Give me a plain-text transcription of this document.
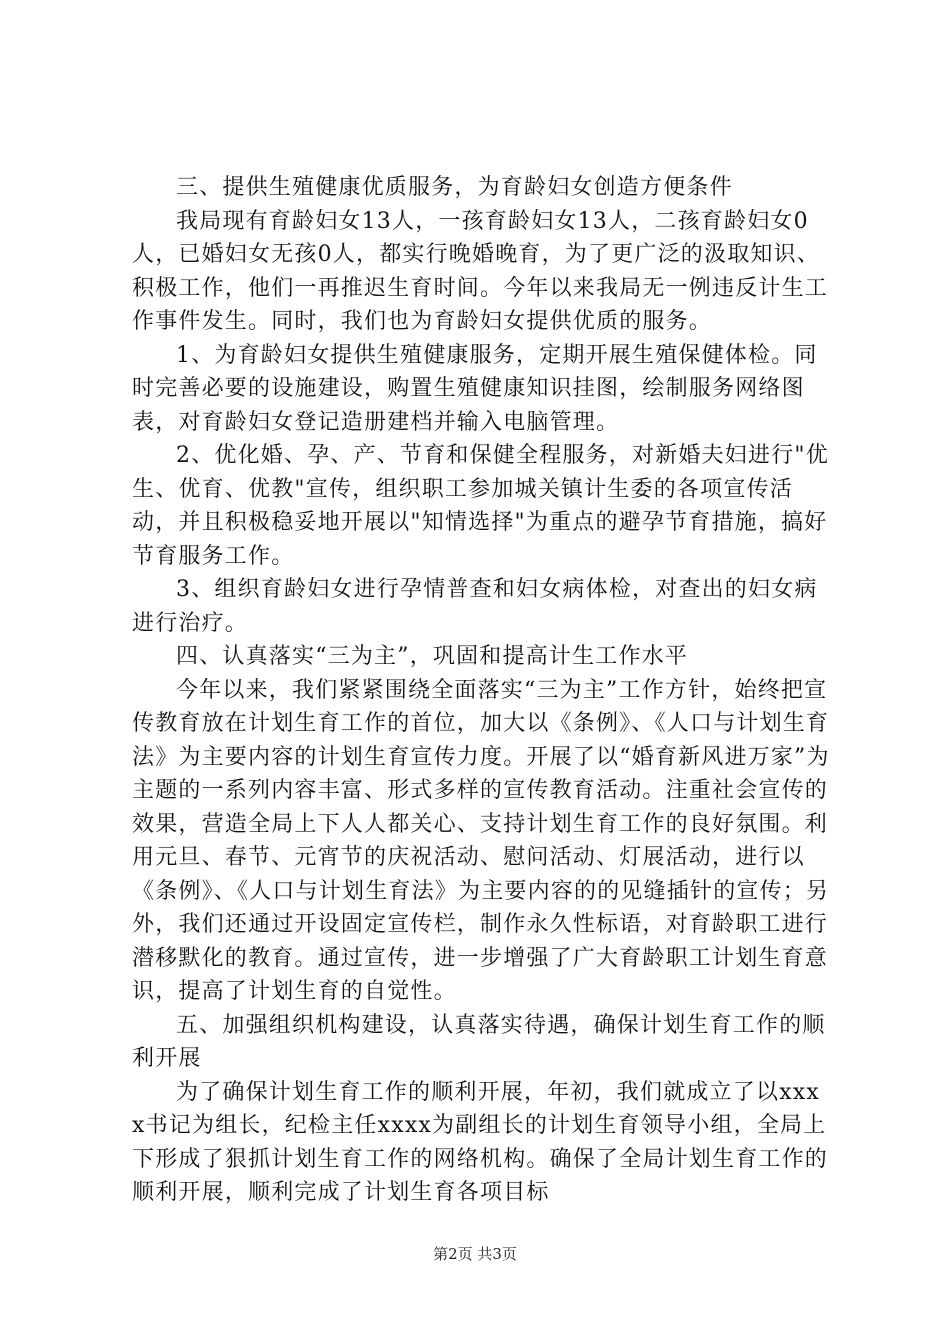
三、提供生殖健康优质服务，为育龄妇女创造方便条件

我局现有育龄妇女13人，一孩育龄妇女13人，二孩育龄妇女0人，已婚妇女无孩0人，都实行晚婚晚育，为了更广泛的汲取知识、积极工作，他们一再推迟生育时间。今年以来我局无一例违反计生工作事件发生。同时，我们也为育龄妇女提供优质的服务。

1、为育龄妇女提供生殖健康服务，定期开展生殖保健体检。同时完善必要的设施建设，购置生殖健康知识挂图，绘制服务网络图表，对育龄妇女登记造册建档并输入电脑管理。

2、优化婚、孕、产、节育和保健全程服务，对新婚夫妇进行"优生、优育、优教"宣传，组织职工参加城关镇计生委的各项宣传活动，并且积极稳妥地开展以"知情选择"为重点的避孕节育措施，搞好节育服务工作。

3、组织育龄妇女进行孕情普查和妇女病体检，对查出的妇女病进行治疗。

四、认真落实“三为主”，巩固和提高计生工作水平

今年以来，我们紧紧围绕全面落实“三为主”工作方针，始终把宣传教育放在计划生育工作的首位，加大以《条例》、《人口与计划生育法》为主要内容的计划生育宣传力度。开展了以“婚育新风进万家”为主题的一系列内容丰富、形式多样的宣传教育活动。注重社会宣传的效果，营造全局上下人人都关心、支持计划生育工作的良好氛围。利用元旦、春节、元宵节的庆祝活动、慰问活动、灯展活动，进行以《条例》、《人口与计划生育法》为主要内容的的见缝插针的宣传；另外，我们还通过开设固定宣传栏，制作永久性标语，对育龄职工进行潜移默化的教育。通过宣传，进一步增强了广大育龄职工计划生育意识，提高了计划生育的自觉性。

五、加强组织机构建设，认真落实待遇，确保计划生育工作的顺利开展

为了确保计划生育工作的顺利开展，年初，我们就成立了以xxxx书记为组长，纪检主任xxxx为副组长的计划生育领导小组，全局上下形成了狠抓计划生育工作的网络机构。确保了全局计划生育工作的顺利开展，顺利完成了计划生育各项目标

第2页 共3页
